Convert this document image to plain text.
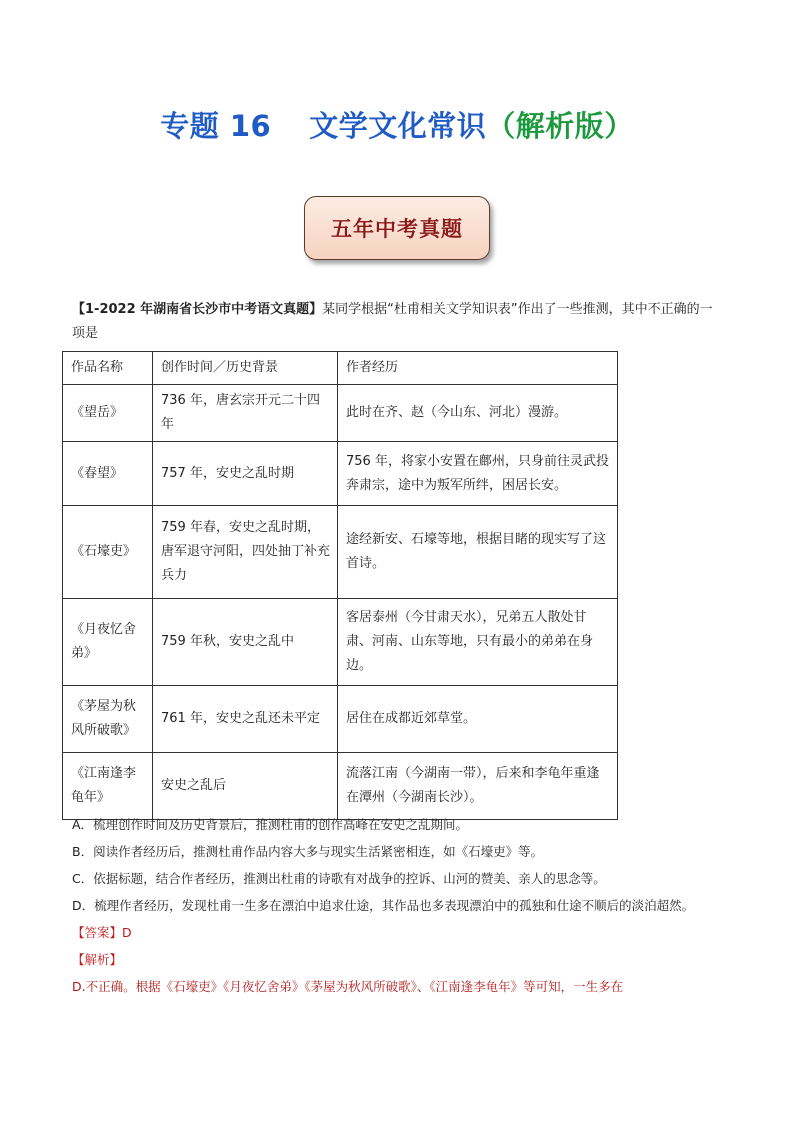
专题 16 文学文化常识（解析版）
五年中考真题
【1-2022 年湖南省长沙市中考语文真题】某同学根据“杜甫相关文学知识表”作出了一些推测，其中不正确的一项是
作品名称	创作时间／历史背景	作者经历
《望岳》	736 年，唐玄宗开元二十四年	此时在齐、赵（今山东、河北）漫游。
《春望》	757 年，安史之乱时期	756 年，将家小安置在鄜州，只身前往灵武投奔肃宗，途中为叛军所绊，困居长安。
《石壕吏》	759 年春，安史之乱时期，唐军退守河阳，四处抽丁补充兵力	途经新安、石壕等地，根据目睹的现实写了这首诗。
《月夜忆舍弟》	759 年秋，安史之乱中	客居泰州（今甘肃天水），兄弟五人散处甘肃、河南、山东等地，只有最小的弟弟在身边。
《茅屋为秋风所破歌》	761 年，安史之乱还未平定	居住在成都近郊草堂。
《江南逢李龟年》	安史之乱后	流落江南（今湖南一带），后来和李龟年重逢在潭州（今湖南长沙）。

A．梳理创作时间及历史背景后，推测杜甫的创作高峰在安史之乱期间。

B．阅读作者经历后，推测杜甫作品内容大多与现实生活紧密相连，如《石壕吏》等。

C．依据标题，结合作者经历，推测出杜甫的诗歌有对战争的控诉、山河的赞美、亲人的思念等。

D．梳理作者经历，发现杜甫一生多在漂泊中追求仕途，其作品也多表现漂泊中的孤独和仕途不顺后的淡泊超然。

【答案】D

【解析】

D.不正确。根据《石壕吏》《月夜忆舍弟》《茅屋为秋风所破歌》、《江南逢李龟年》等可知，一生多在
